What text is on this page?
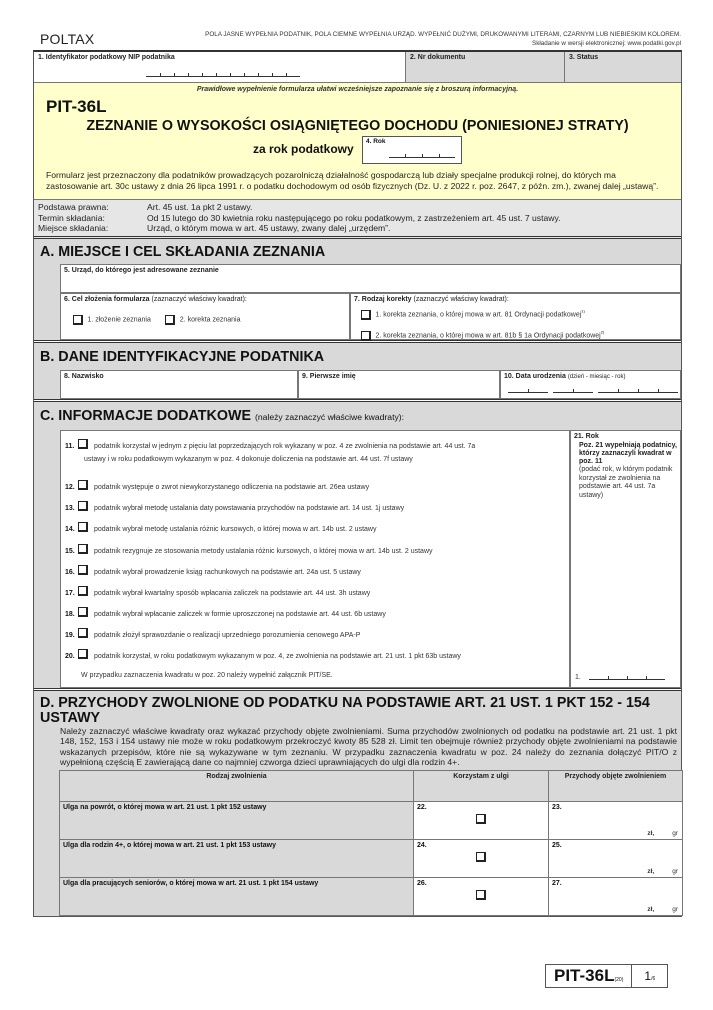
POLTAX	POLA JASNE WYPEŁNIA PODATNIK, POLA CIEMNE WYPEŁNIA URZĄD. WYPEŁNIĆ DUŻYMI, DRUKOWANYMI LITERAMI, CZARNYM LUB NIEBIESKIM KOLOREM.
Składanie w wersji elektronicznej: www.podatki.gov.pl
1. Identyfikator podatkowy NIP podatnika	2. Nr dokumentu	3. Status
Prawidłowe wypełnienie formularza ułatwi wcześniejsze zapoznanie się z broszurą informacyjną.
PIT-36L
ZEZNANIE O WYSOKOŚCI OSIĄGNIĘTEGO DOCHODU (PONIESIONEJ STRATY)
za rok podatkowy
4. Rok
Formularz jest przeznaczony dla podatników prowadzących pozarolniczą działalność gospodarczą lub działy specjalne produkcji rolnej, do których ma zastosowanie art. 30c ustawy z dnia 26 lipca 1991 r. o podatku dochodowym od osób fizycznych (Dz. U. z 2022 r. poz. 2647, z późn. zm.), zwanej dalej „ustawą”.
Podstawa prawna:	Art. 45 ust. 1a pkt 2 ustawy.
Termin składania:	Od 15 lutego do 30 kwietnia roku następującego po roku podatkowym, z zastrzeżeniem art. 45 ust. 7 ustawy.
Miejsce składania:	Urząd, o którym mowa w art. 45 ustawy, zwany dalej „urzędem”.
A. MIEJSCE I CEL SKŁADANIA ZEZNANIA
5. Urząd, do którego jest adresowane zeznanie
6. Cel złożenia formularza (zaznaczyć właściwy kwadrat):
1. złożenie zeznania	2. korekta zeznania
7. Rodzaj korekty (zaznaczyć właściwy kwadrat):
1. korekta zeznania, o której mowa w art. 81 Ordynacji podatkowej$^{1)}$
2. korekta zeznania, o której mowa w art. 81b § 1a Ordynacji podatkowej$^{2)}$
B. DANE IDENTYFIKACYJNE PODATNIKA
8. Nazwisko	9. Pierwsze imię	10. Data urodzenia (dzień - miesiąc - rok)
C. INFORMACJE DODATKOWE (należy zaznaczyć właściwe kwadraty):
11.	podatnik korzystał w jednym z pięciu lat poprzedzających rok wykazany w poz. 4 ze zwolnienia na podstawie art. 44 ust. 7a
ustawy i w roku podatkowym wykazanym w poz. 4 dokonuje doliczenia na podstawie art. 44 ust. 7f ustawy
12.	podatnik występuje o zwrot niewykorzystanego odliczenia na podstawie art. 26ea ustawy
13.	podatnik wybrał metodę ustalania daty powstawania przychodów na podstawie art. 14 ust. 1j ustawy
14.	podatnik wybrał metodę ustalania różnic kursowych, o której mowa w art. 14b ust. 2 ustawy
15.	podatnik rezygnuje ze stosowania metody ustalania różnic kursowych, o której mowa w art. 14b ust. 2 ustawy
16.	podatnik wybrał prowadzenie ksiąg rachunkowych na podstawie art. 24a ust. 5 ustawy
17.	podatnik wybrał kwartalny sposób wpłacania zaliczek na podstawie art. 44 ust. 3h ustawy
18.	podatnik wybrał wpłacanie zaliczek w formie uproszczonej na podstawie art. 44 ust. 6b ustawy
19.	podatnik złożył sprawozdanie o realizacji uprzedniego porozumienia cenowego APA-P
20.	podatnik korzystał, w roku podatkowym wykazanym w poz. 4, ze zwolnienia na podstawie art. 21 ust. 1 pkt 63b ustawy
W przypadku zaznaczenia kwadratu w poz. 20 należy wypełnić załącznik PIT/SE.
21. Rok
Poz. 21 wypełniają podatnicy, którzy zaznaczyli kwadrat w poz. 11
(podać rok, w którym podatnik korzystał ze zwolnienia na podstawie art. 44 ust. 7a ustawy)
1.
D. PRZYCHODY ZWOLNIONE OD PODATKU NA PODSTAWIE ART. 21 UST. 1 PKT 152 - 154 USTAWY
Należy zaznaczyć właściwe kwadraty oraz wykazać przychody objęte zwolnieniami. Suma przychodów zwolnionych od podatku na podstawie art. 21 ust. 1 pkt 148, 152, 153 i 154 ustawy nie może w roku podatkowym przekroczyć kwoty 85 528 zł. Limit ten obejmuje również przychody objęte zwolnieniami na podstawie wskazanych przepisów, które nie są wykazywane w tym zeznaniu. W przypadku zaznaczenia kwadratu w poz. 24 należy do zeznania dołączyć PIT/O z wypełnioną częścią E zawierającą dane co najmniej czworga dzieci uprawniających do ulgi dla rodzin 4+.
Rodzaj zwolnienia	Korzystam z ulgi	Przychody objęte zwolnieniem
Ulga na powrót, o której mowa w art. 21 ust. 1 pkt 152 ustawy	22.	23.
zł, gr

Ulga dla rodzin 4+, o której mowa w art. 21 ust. 1 pkt 153 ustawy	24.	25.
zł, gr

Ulga dla pracujących seniorów, o której mowa w art. 21 ust. 1 pkt 154 ustawy	26.	27.
zł, gr
PIT-36L(20)	1/6
